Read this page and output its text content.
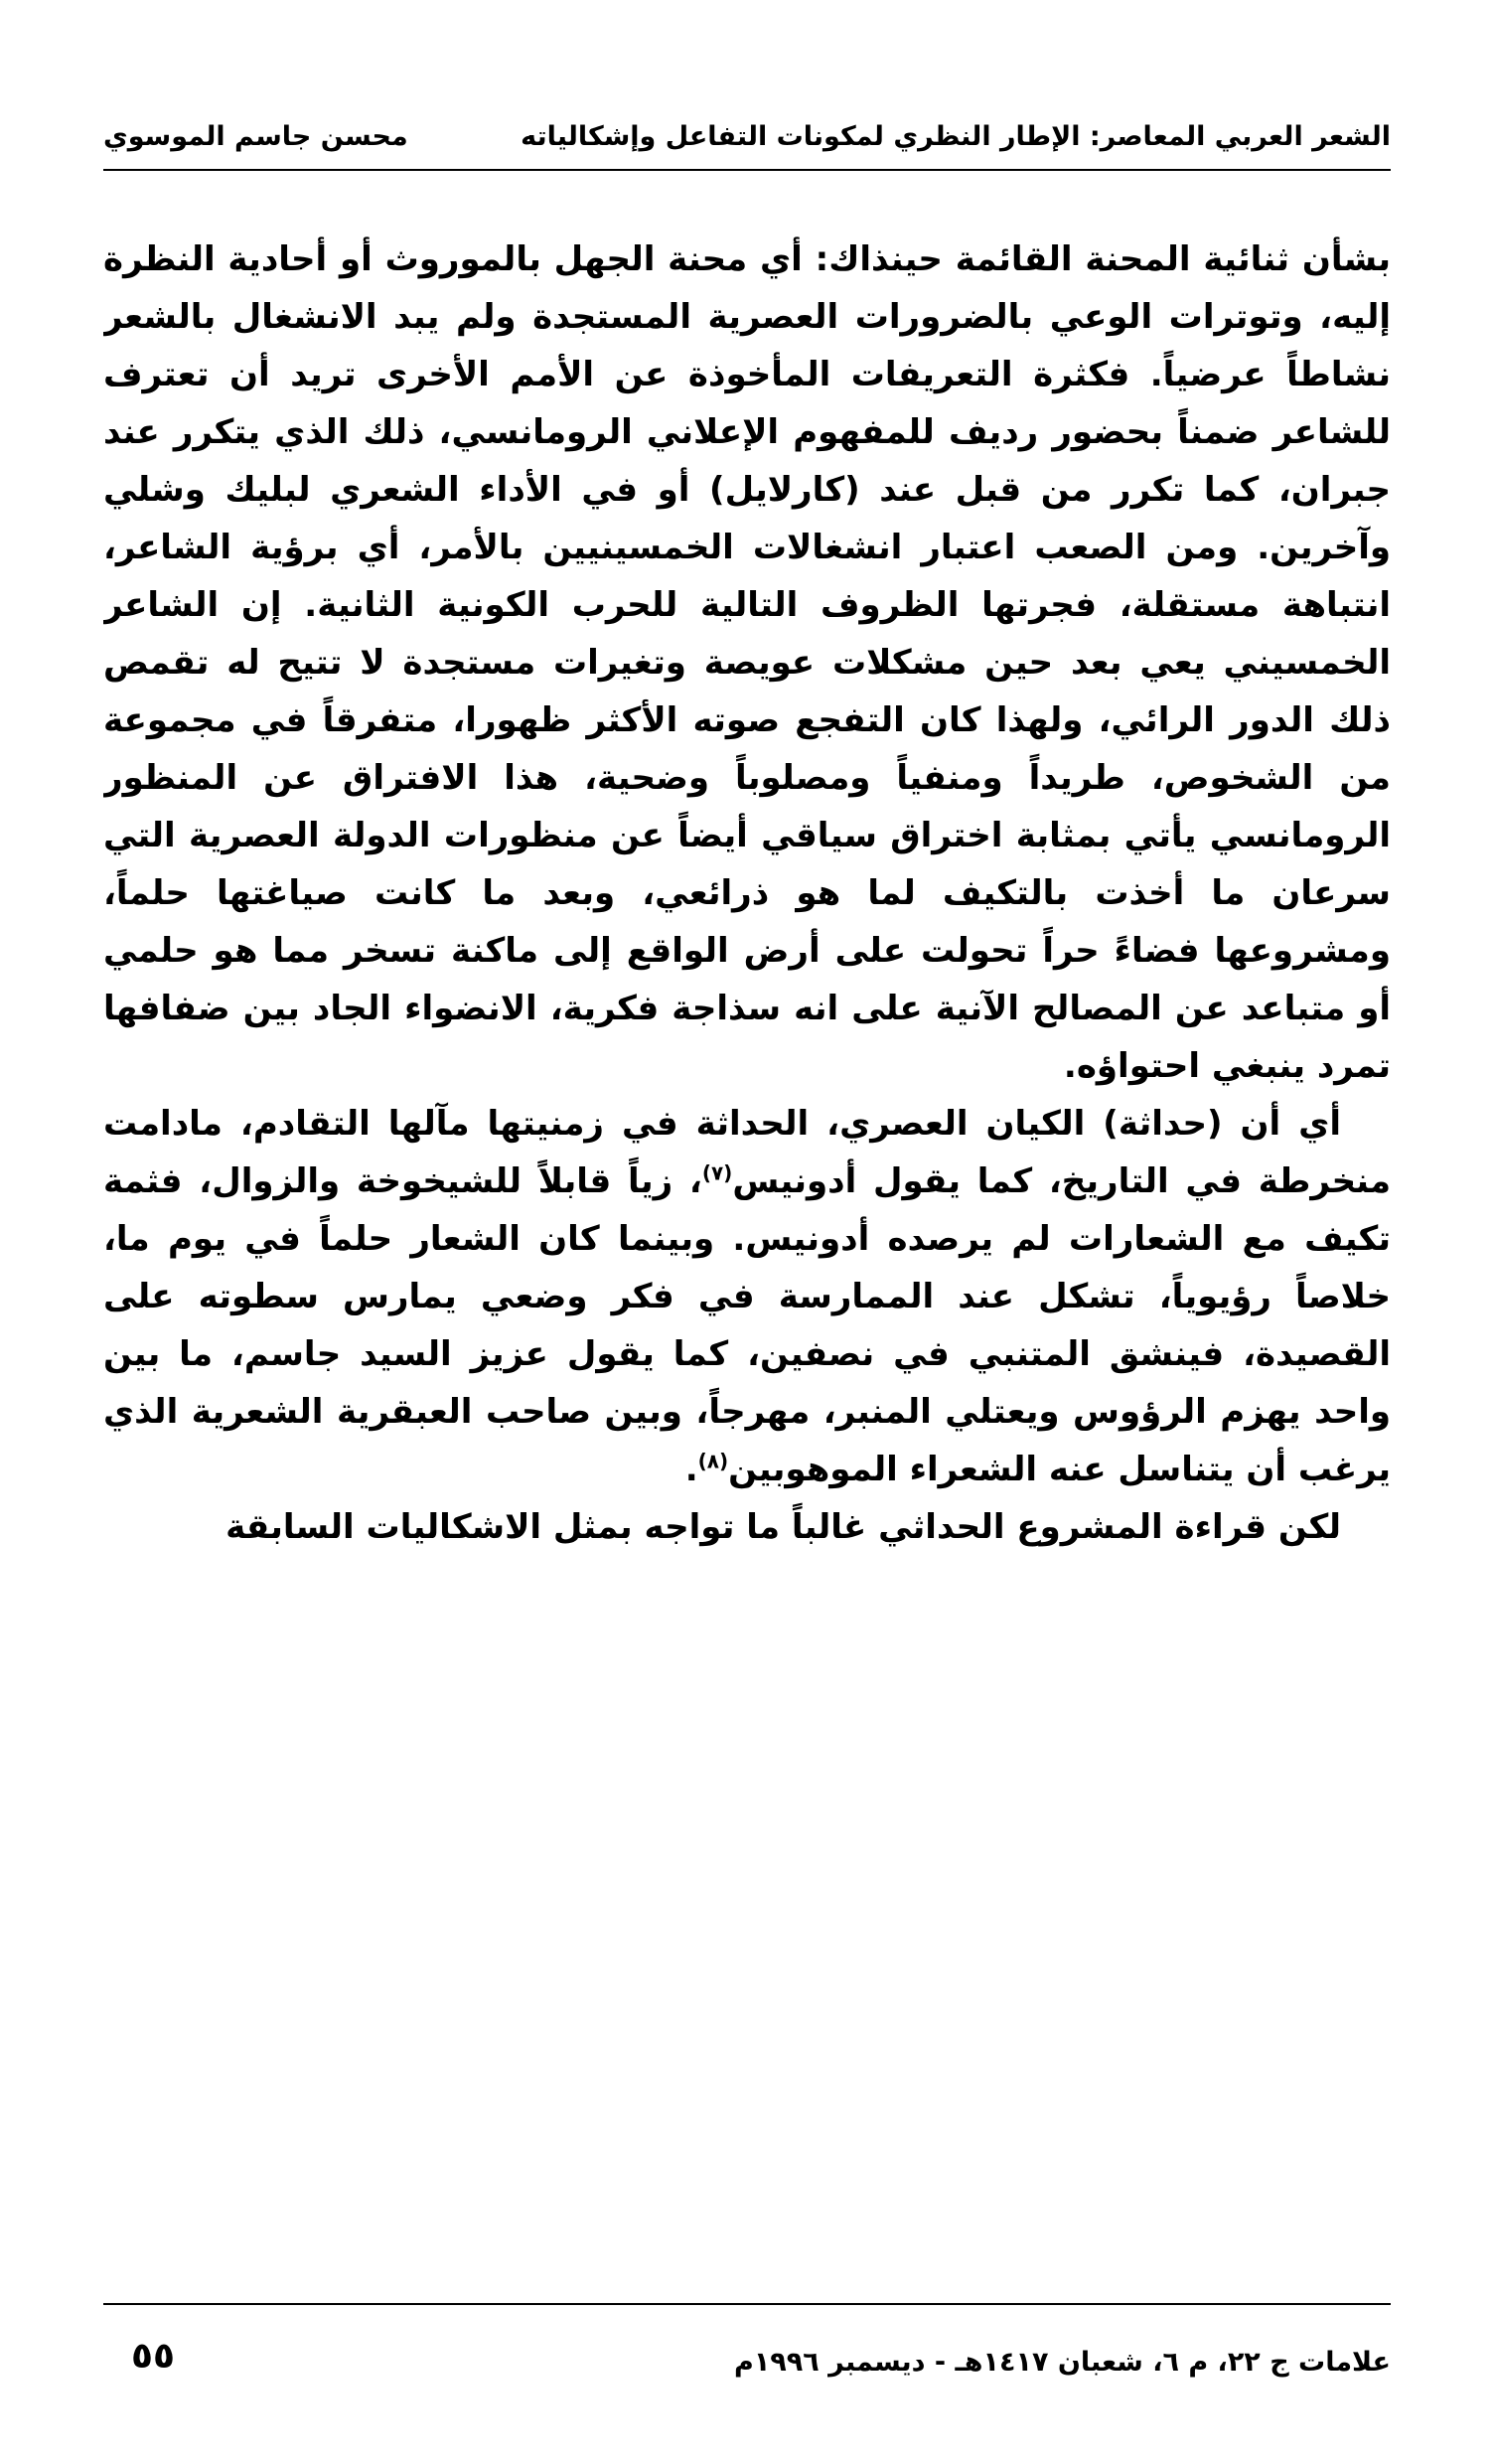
الشعر العربي المعاصر: الإطار النظري لمكونات التفاعل وإشكالياته
محسن جاسم الموسوي

بشأن ثنائية المحنة القائمة حينذاك: أي محنة الجهل بالموروث أو أحادية النظرة إليه، وتوترات الوعي بالضرورات العصرية المستجدة ولم يبد الانشغال بالشعر نشاطاً عرضياً. فكثرة التعريفات المأخوذة عن الأمم الأخرى تريد أن تعترف للشاعر ضمناً بحضور رديف للمفهوم الإعلاني الرومانسي، ذلك الذي يتكرر عند جبران، كما تكرر من قبل عند (كارلايل) أو في الأداء الشعري لبليك وشلي وآخرين. ومن الصعب اعتبار انشغالات الخمسينيين بالأمر، أي برؤية الشاعر، انتباهة مستقلة، فجرتها الظروف التالية للحرب الكونية الثانية. إن الشاعر الخمسيني يعي بعد حين مشكلات عويصة وتغيرات مستجدة لا تتيح له تقمص ذلك الدور الرائي، ولهذا كان التفجع صوته الأكثر ظهورا، متفرقاً في مجموعة من الشخوص، طريداً ومنفياً ومصلوباً وضحية، هذا الافتراق عن المنظور الرومانسي يأتي بمثابة اختراق سياقي أيضاً عن منظورات الدولة العصرية التي سرعان ما أخذت بالتكيف لما هو ذرائعي، وبعد ما كانت صياغتها حلماً، ومشروعها فضاءً حراً تحولت على أرض الواقع إلى ماكنة تسخر مما هو حلمي أو متباعد عن المصالح الآنية على انه سذاجة فكرية، الانضواء الجاد بين ضفافها تمرد ينبغي احتواؤه.

أي أن (حداثة) الكيان العصري، الحداثة في زمنيتها مآلها التقادم، مادامت منخرطة في التاريخ، كما يقول أدونيس$^{(٧)}$، زياً قابلاً للشيخوخة والزوال، فثمة تكيف مع الشعارات لم يرصده أدونيس. وبينما كان الشعار حلماً في يوم ما، خلاصاً رؤيوياً، تشكل عند الممارسة في فكر وضعي يمارس سطوته على القصيدة، فينشق المتنبي في نصفين، كما يقول عزيز السيد جاسم، ما بين واحد يهزم الرؤوس ويعتلي المنبر، مهرجاً، وبين صاحب العبقرية الشعرية الذي يرغب أن يتناسل عنه الشعراء الموهوبين$^{(٨)}$.

لكن قراءة المشروع الحداثي غالباً ما تواجه بمثل الاشكاليات السابقة

علامات ج ٢٢، م ٦، شعبان ١٤١٧هـ - ديسمبر ١٩٩٦م
٥٥
